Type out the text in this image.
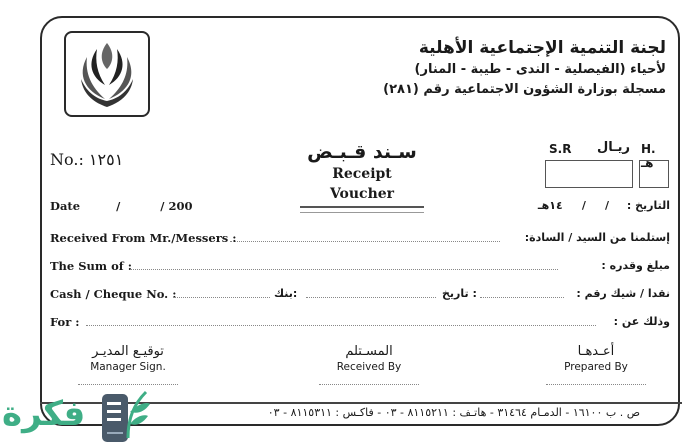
لجنة التنمية الإجتماعية الأهلية
لأحياء (الفيصلية - الندى - طيبة - المنار)
مسجلة بوزارة الشؤون الاجتماعية رقم (٢٨١)
No.: ١٢٥١	سـند قـبـض
Receipt Voucher
S.R ريـال H. هـ
Date	/          / 200	التاريخ : /     /     ١٤هـ
Received From Mr./Messers :	إستلمنا من السيد / السادة:
The Sum of :	مبلغ وقدره :
Cash / Cheque No. :	بنك:	تاريخ :	نقدا / شيك رقم :
For :	وذلك عن :
توقيـع المديـر
Manager Sign.
المسـتلم
Received By
أعـدهـا
Prepared By
ص . ب ١٦١٠٠ - الدمـام ٣١٤٦٤ - هاتـف : ٨١١٥٢١١ - ٠٣ - فاكـس : ٨١١٥٣١١ - ٠٣
فكرة
